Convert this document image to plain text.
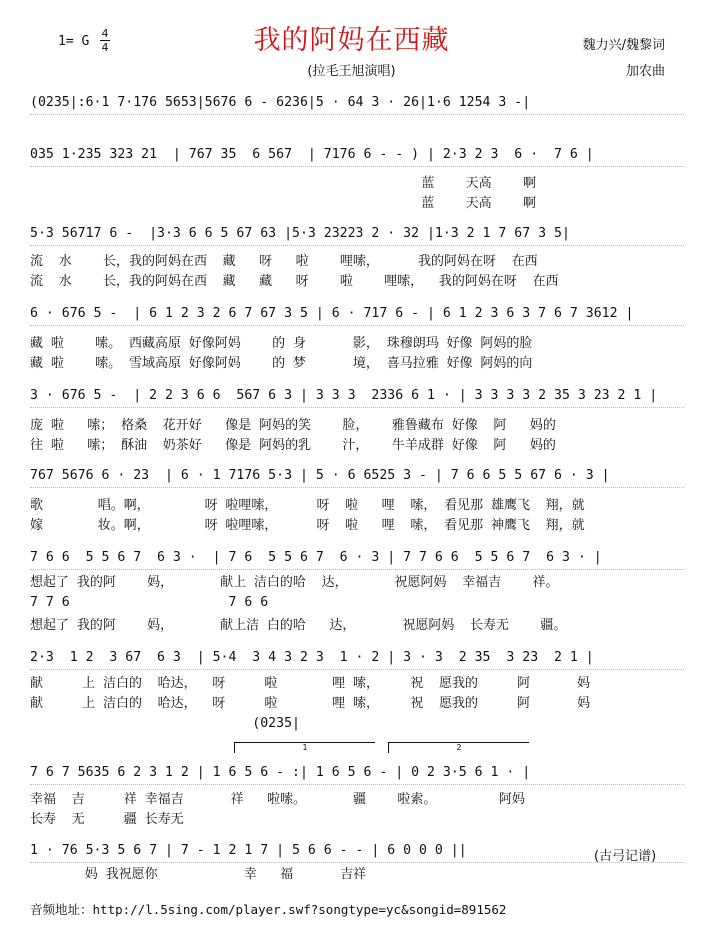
我的阿妈在西藏
(拉毛王旭演唱)
1= G
4
4	魏力兴/魏黎词
加农曲
(0235|:6·1 7·176 5653|5676 6 - 6236|5 · 64 3 · 26|1·6 1254 3 -|
035 1·235 323 21  | 767 35  6 567  | 7176 6 - - ) | 2·3 2 3  6 ·  7 6 |
蓝    天高    啊
蓝    天高    啊
5·3 5671̇7 6 -  |3·3 6 6 5 67 63 |5·3 23223 2 · 32 |1·3 2 1 7 67 3 5|
流  水    长，我的阿妈在西  藏   呀   啦    哩嗦，     我的阿妈在呀  在西
流  水    长，我的阿妈在西  藏   藏   呀    啦    哩嗦，  我的阿妈在呀  在西
6 · 676 5 -  | 6 1 2 3 2 6 7 67 3 5 | 6 · 717 6 - | 6 1 2 3 6 3 7 6 7 3612 |
藏 啦    嗦。 西藏高原 好像阿妈    的 身      影， 珠穆朗玛 好像 阿妈的脸
藏 啦    嗦。 雪域高原 好像阿妈    的 梦      境， 喜马拉雅 好像 阿妈的向
3 · 676 5 -  | 2 2 3 6 6  567 6 3 | 3 3 3  2336 6 1 · | 3 3 3 3 2 35 3 23 2 1 |
庞 啦   嗦； 格桑  花开好   像是 阿妈的笑    脸，   雅鲁藏布 好像  阿   妈的
往 啦   嗦； 酥油  奶茶好   像是 阿妈的乳    汁，   牛羊成群 好像  阿   妈的
767 5676 6 · 23  | 6 · 1 7176 5·3 | 5 · 6 6525 3 - | 7 6 6 5 5 67 6 · 3 |
歌       唱。啊，       呀 啦哩嗦，     呀  啦   哩  嗦， 看见那 雄鹰飞  翔，就
嫁       妆。啊，       呀 啦哩嗦，     呀  啦   哩  嗦， 看见那 神鹰飞  翔，就
7 6 6  5 5 6 7  6 3 ·  | 7 6  5 5 6 7  6 · 3 | 7 7 6 6  5 5 6 7  6 3 · |
想起了 我的阿    妈，      献上 洁白的哈  达，      祝愿阿妈  幸福吉    祥。
7 7 6                    7 6 6
想起了 我的阿    妈，      献上洁 白的哈   达，      祝愿阿妈  长寿无    疆。
2·3  1 2  3 67  6 3  | 5·4  3 4 3 2 3  1 · 2 | 3 · 3  2 35  3 23  2 1 |
献     上 洁白的  哈达，  呀     啦       哩 嗦，    祝  愿我的     阿      妈
献     上 洁白的  哈达，  呀     啦       哩 嗦，    祝  愿我的     阿      妈
(0235|
7 6 7 5635 6 2 3 1 2 | 1 6 5 6 - :| 1 6 5 6 - | 0 2 3·5 6 1 · |
幸福  吉     祥 幸福吉      祥   啦嗦。      疆    啦索。        阿妈
长寿  无     疆 长寿无
1 · 76 5·3 5 6 7 | 7 - 1 2 1 7 | 5 6 6 - - | 6 0 0 0 ||
妈 我祝愿你           幸   福      吉祥
1	2
(古弓记谱)
音频地址：http://l.5sing.com/player.swf?songtype=yc&songid=891562
